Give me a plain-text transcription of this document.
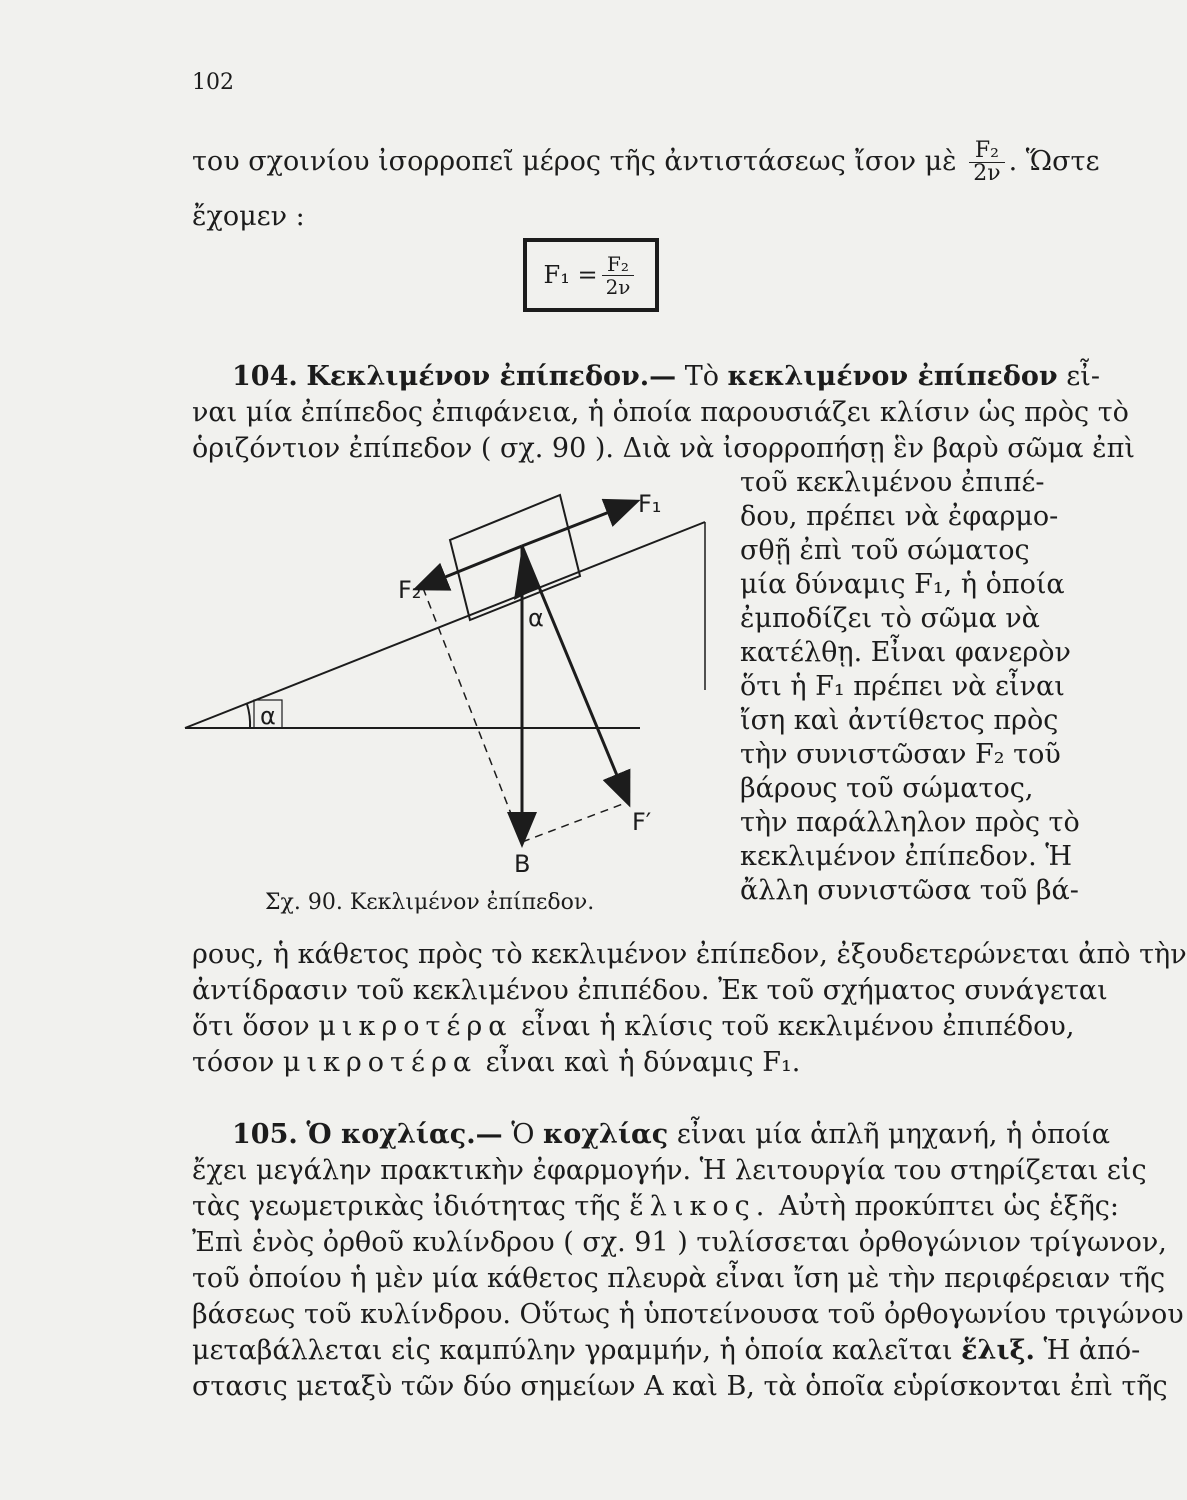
102
του σχοινίου ἰσορροπεῖ μέρος τῆς ἀντιστάσεως ἴσον μὲ $\frac{\text{F₂}}{2\nu}$ . Ὥστε
ἔχομεν :
$F_1 = \frac{\text{F₂}}{2\nu}$
104. Κεκλιμένον ἐπίπεδον.— Τὸ κεκλιμένον ἐπίπεδον εἶ-
ναι μία ἐπίπεδος ἐπιφάνεια, ἡ ὁποία παρουσιάζει κλίσιν ὡς πρὸς τὸ
ὁριζόντιον ἐπίπεδον ( σχ. 90 ). Διὰ νὰ ἰσορροπήσῃ ἓν βαρὺ σῶμα ἐπὶ
τοῦ κεκλιμένου ἐπιπέ-
δου, πρέπει νὰ ἐφαρμο-
σθῇ ἐπὶ τοῦ σώματος
μία δύναμις F₁, ἡ ὁποία
ἐμποδίζει τὸ σῶμα νὰ
κατέλθῃ. Εἶναι φανερὸν
ὅτι ἡ F₁ πρέπει νὰ εἶναι
ἴση καὶ ἀντίθετος πρὸς
τὴν συνιστῶσαν F₂ τοῦ
βάρους τοῦ σώματος,
τὴν παράλληλον πρὸς τὸ
κεκλιμένον ἐπίπεδον. Ἡ
ἄλλη συνιστῶσα τοῦ βά-
F₁
F₂
F′
B
α
α
Σχ. 90. Κεκλιμένον ἐπίπεδον.
ρους, ἡ κάθετος πρὸς τὸ κεκλιμένον ἐπίπεδον, ἐξουδετερώνεται ἀπὸ τὴν
ἀντίδρασιν τοῦ κεκλιμένου ἐπιπέδου. Ἐκ τοῦ σχήματος συνάγεται
ὅτι ὅσον μικροτέρα εἶναι ἡ κλίσις τοῦ κεκλιμένου ἐπιπέδου,
τόσον μικροτέρα εἶναι καὶ ἡ δύναμις F₁.
105. Ὁ κοχλίας.— Ὁ κοχλίας εἶναι μία ἁπλῆ μηχανή, ἡ ὁποία
ἔχει μεγάλην πρακτικὴν ἐφαρμογήν. Ἡ λειτουργία του στηρίζεται εἰς
τὰς γεωμετρικὰς ἰδιότητας τῆς ἕλικος. Αὐτὴ προκύπτει ὡς ἑξῆς:
Ἐπὶ ἑνὸς ὀρθοῦ κυλίνδρου ( σχ. 91 ) τυλίσσεται ὀρθογώνιον τρίγωνον,
τοῦ ὁποίου ἡ μὲν μία κάθετος πλευρὰ εἶναι ἴση μὲ τὴν περιφέρειαν τῆς
βάσεως τοῦ κυλίνδρου. Οὕτως ἡ ὑποτείνουσα τοῦ ὀρθογωνίου τριγώνου
μεταβάλλεται εἰς καμπύλην γραμμήν, ἡ ὁποία καλεῖται ἕλιξ. Ἡ ἀπό-
στασις μεταξὺ τῶν δύο σημείων Α καὶ Β, τὰ ὁποῖα εὑρίσκονται ἐπὶ τῆς
